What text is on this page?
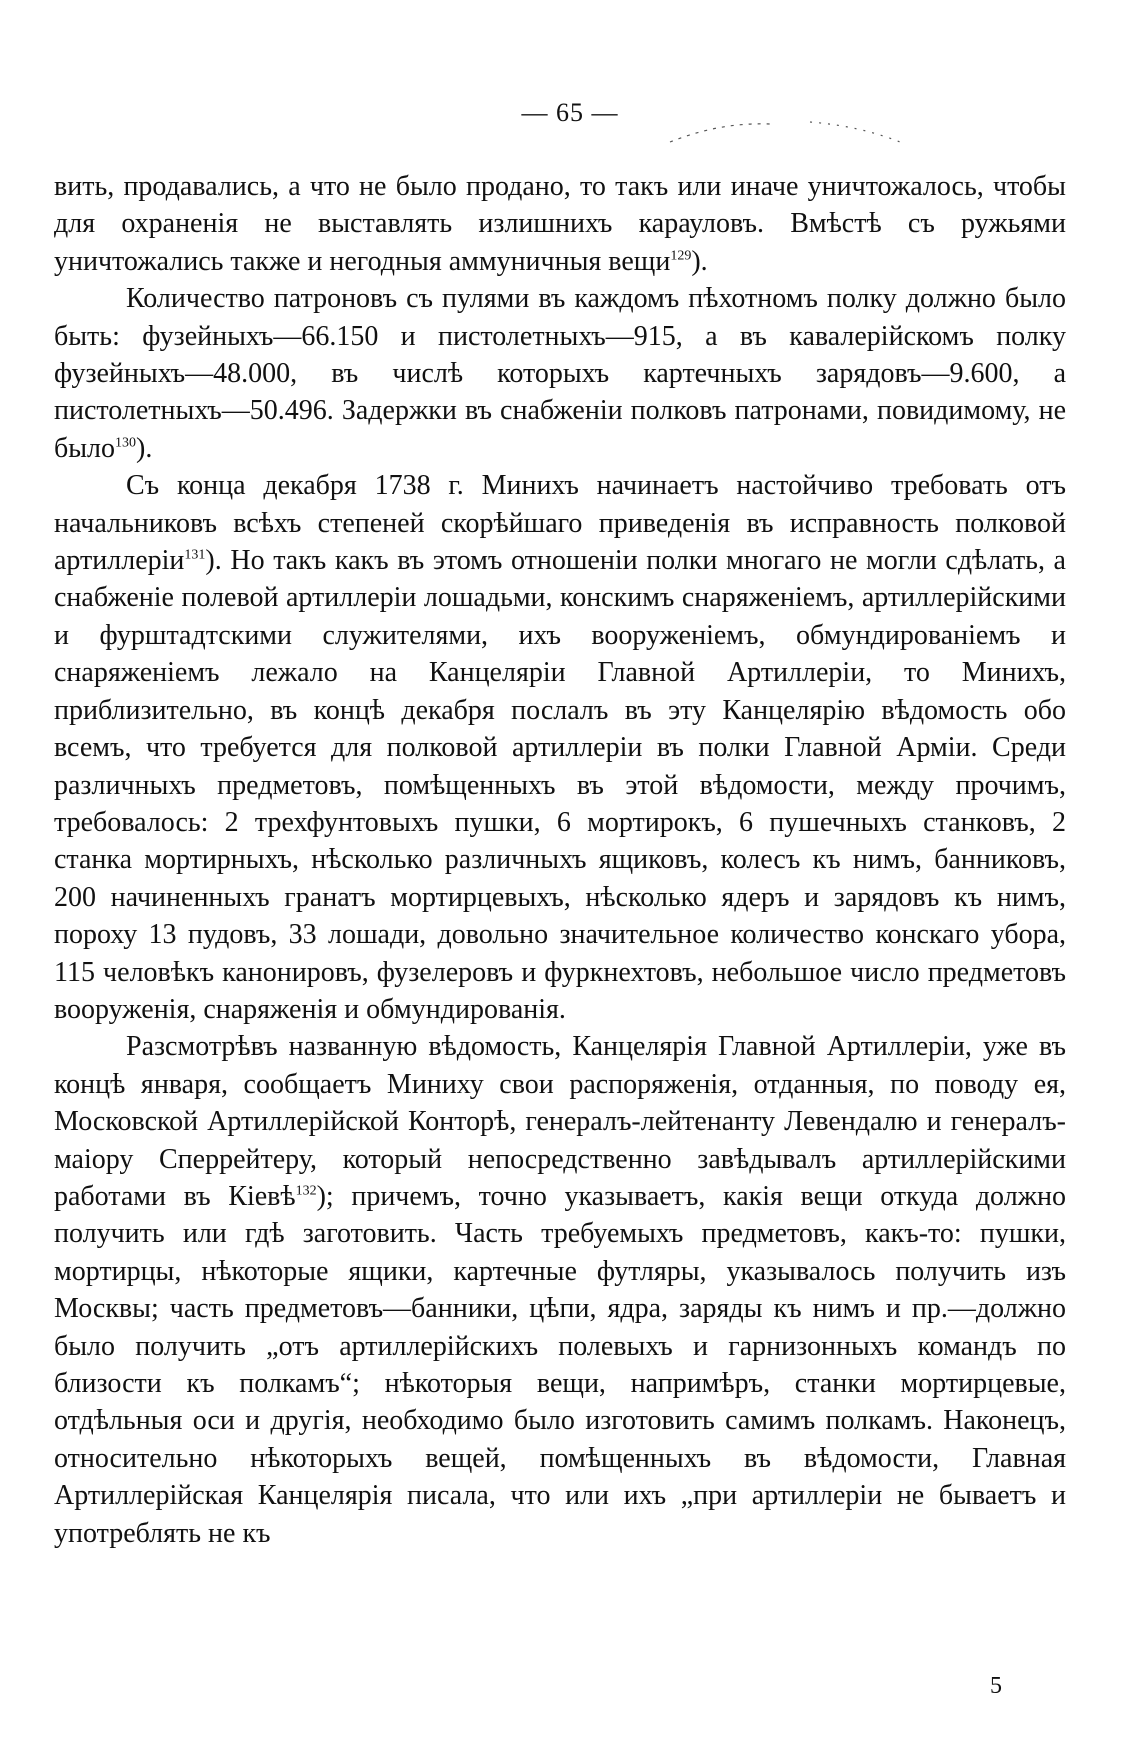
— 65 —

вить, продавались, а что не было продано, то такъ или иначе уничтожалось, чтобы для охраненія не выставлять излишнихъ карауловъ. Вмѣстѣ съ ружьями уничтожались также и негодныя аммуничныя вещи$^{129}$).

Количество патроновъ съ пулями въ каждомъ пѣхотномъ полку должно было быть: фузейныхъ—66.150 и пистолетныхъ—915, а въ кавалерійскомъ полку фузейныхъ—48.000, въ числѣ которыхъ картечныхъ зарядовъ—9.600, а пистолетныхъ—50.496. Задержки въ снабженіи полковъ патронами, повидимому, не было$^{130}$).

Съ конца декабря 1738 г. Минихъ начинаетъ настойчиво требовать отъ начальниковъ всѣхъ степеней скорѣйшаго приведенія въ исправность полковой артиллеріи$^{131}$). Но такъ какъ въ этомъ отношеніи полки многаго не могли сдѣлать, а снабженіе полевой артиллеріи лошадьми, конскимъ снаряженіемъ, артиллерійскими и фурштадтскими служителями, ихъ вооруженіемъ, обмундированіемъ и снаряженіемъ лежало на Канцеляріи Главной Артиллеріи, то Минихъ, приблизительно, въ концѣ декабря послалъ въ эту Канцелярію вѣдомость обо всемъ, что требуется для полковой артиллеріи въ полки Главной Арміи. Среди различныхъ предметовъ, помѣщенныхъ въ этой вѣдомости, между прочимъ, требовалось: 2 трехфунтовыхъ пушки, 6 мортирокъ, 6 пушечныхъ станковъ, 2 станка мортирныхъ, нѣсколько различныхъ ящиковъ, колесъ къ нимъ, банниковъ, 200 начиненныхъ гранатъ мортирцевыхъ, нѣсколько ядеръ и зарядовъ къ нимъ, пороху 13 пудовъ, 33 лошади, довольно значительное количество конскаго убора, 115 человѣкъ канонировъ, фузелеровъ и фуркнехтовъ, небольшое число предметовъ вооруженія, снаряженія и обмундированія.

Разсмотрѣвъ названную вѣдомость, Канцелярія Главной Артиллеріи, уже въ концѣ января, сообщаетъ Миниху свои распоряженія, отданныя, по поводу ея, Московской Артиллерійской Конторѣ, генералъ-лейтенанту Левендалю и генералъ-маіору Сперрейтеру, который непосредственно завѣдывалъ артиллерійскими работами въ Кіевѣ$^{132}$); причемъ, точно указываетъ, какія вещи откуда должно получить или гдѣ заготовить. Часть требуемыхъ предметовъ, какъ-то: пушки, мортирцы, нѣкоторые ящики, картечные футляры, указывалось получить изъ Москвы; часть предметовъ—банники, цѣпи, ядра, заряды къ нимъ и пр.—должно было получить „отъ артиллерійскихъ полевыхъ и гарнизонныхъ командъ по близости къ полкамъ“; нѣкоторыя вещи, напримѣръ, станки мортирцевые, отдѣльныя оси и другія, необходимо было изготовить самимъ полкамъ. Наконецъ, относительно нѣкоторыхъ вещей, помѣщенныхъ въ вѣдомости, Главная Артиллерійская Канцелярія писала, что или ихъ „при артиллеріи не бываетъ и употреблять не къ

5
